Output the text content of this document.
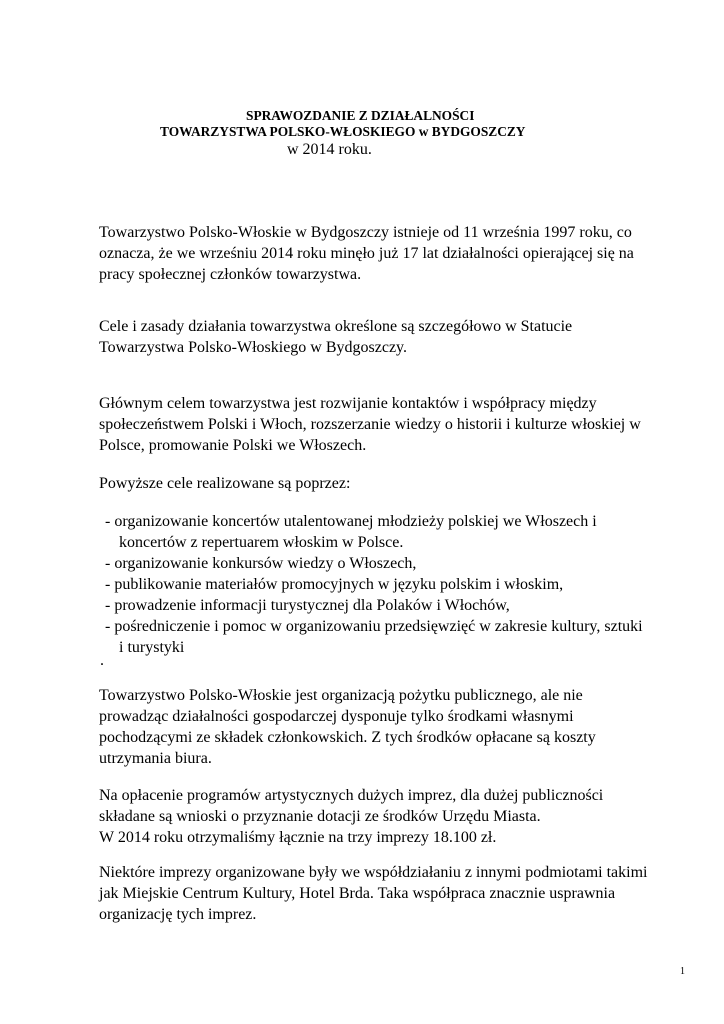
SPRAWOZDANIE Z DZIAŁALNOŚCI
TOWARZYSTWA POLSKO-WŁOSKIEGO w BYDGOSZCZY
w 2014 roku.
Towarzystwo Polsko-Włoskie w Bydgoszczy istnieje od 11 września 1997 roku, co
oznacza, że we wrześniu 2014 roku minęło już 17 lat działalności opierającej się na
pracy społecznej członków towarzystwa.
Cele i zasady działania towarzystwa określone są szczegółowo w Statucie
Towarzystwa Polsko-Włoskiego w Bydgoszczy.
Głównym celem towarzystwa jest rozwijanie kontaktów i współpracy między
społeczeństwem Polski i Włoch, rozszerzanie wiedzy o historii i kulturze włoskiej w
Polsce, promowanie Polski we Włoszech.
Powyższe cele realizowane są poprzez:
- organizowanie koncertów utalentowanej młodzieży polskiej we Włoszech i
koncertów z repertuarem włoskim w Polsce.
- organizowanie konkursów wiedzy o Włoszech,
- publikowanie materiałów promocyjnych w języku polskim i włoskim,
- prowadzenie informacji turystycznej dla Polaków i Włochów,
- pośredniczenie i pomoc w organizowaniu przedsięwzięć w zakresie kultury, sztuki
i turystyki
.
Towarzystwo Polsko-Włoskie jest organizacją pożytku publicznego, ale nie
prowadząc działalności gospodarczej dysponuje tylko środkami własnymi
pochodzącymi ze składek członkowskich. Z tych środków opłacane są koszty
utrzymania biura.
Na opłacenie programów artystycznych dużych imprez, dla dużej publiczności
składane są wnioski o przyznanie dotacji ze środków Urzędu Miasta.
W 2014 roku otrzymaliśmy łącznie na trzy imprezy 18.100 zł.
Niektóre imprezy organizowane były we współdziałaniu z innymi podmiotami takimi
jak Miejskie Centrum Kultury, Hotel Brda. Taka współpraca znacznie usprawnia
organizację tych imprez.
1
